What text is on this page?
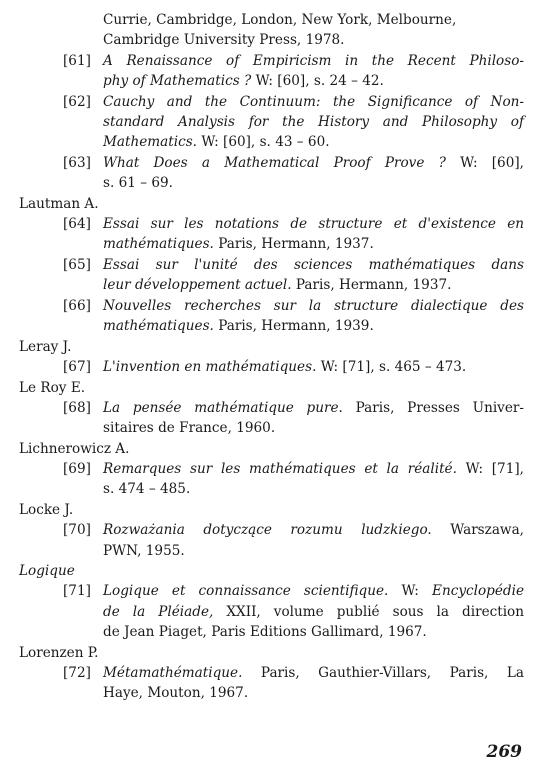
Currie, Cambridge, London, New York, Melbourne,
Cambridge University Press, 1978.
[61] A Renaissance of Empiricism in the Recent Philoso-
phy of Mathematics ? W: [60], s. 24 – 42.
[62] Cauchy and the Continuum: the Significance of Non-
standard Analysis for the History and Philosophy of
Mathematics. W: [60], s. 43 – 60.
[63] What Does a Mathematical Proof Prove ? W: [60],
s. 61 – 69.
Lautman A.
[64] Essai sur les notations de structure et d'existence en
mathématiques. Paris, Hermann, 1937.
[65] Essai sur l'unité des sciences mathématiques dans
leur développement actuel. Paris, Hermann, 1937.
[66] Nouvelles recherches sur la structure dialectique des
mathématiques. Paris, Hermann, 1939.
Leray J.
[67] L'invention en mathématiques. W: [71], s. 465 – 473.
Le Roy E.
[68] La pensée mathématique pure. Paris, Presses Univer-
sitaires de France, 1960.
Lichnerowicz A.
[69] Remarques sur les mathématiques et la réalité. W: [71],
s. 474 – 485.
Locke J.
[70] Rozważania dotyczące rozumu ludzkiego. Warszawa,
PWN, 1955.
Logique
[71] Logique et connaissance scientifique. W: Encyclopédie
de la Pléiade, XXII, volume publié sous la direction
de Jean Piaget, Paris Editions Gallimard, 1967.
Lorenzen P.
[72] Métamathématique. Paris, Gauthier-Villars, Paris, La
Haye, Mouton, 1967.
269
